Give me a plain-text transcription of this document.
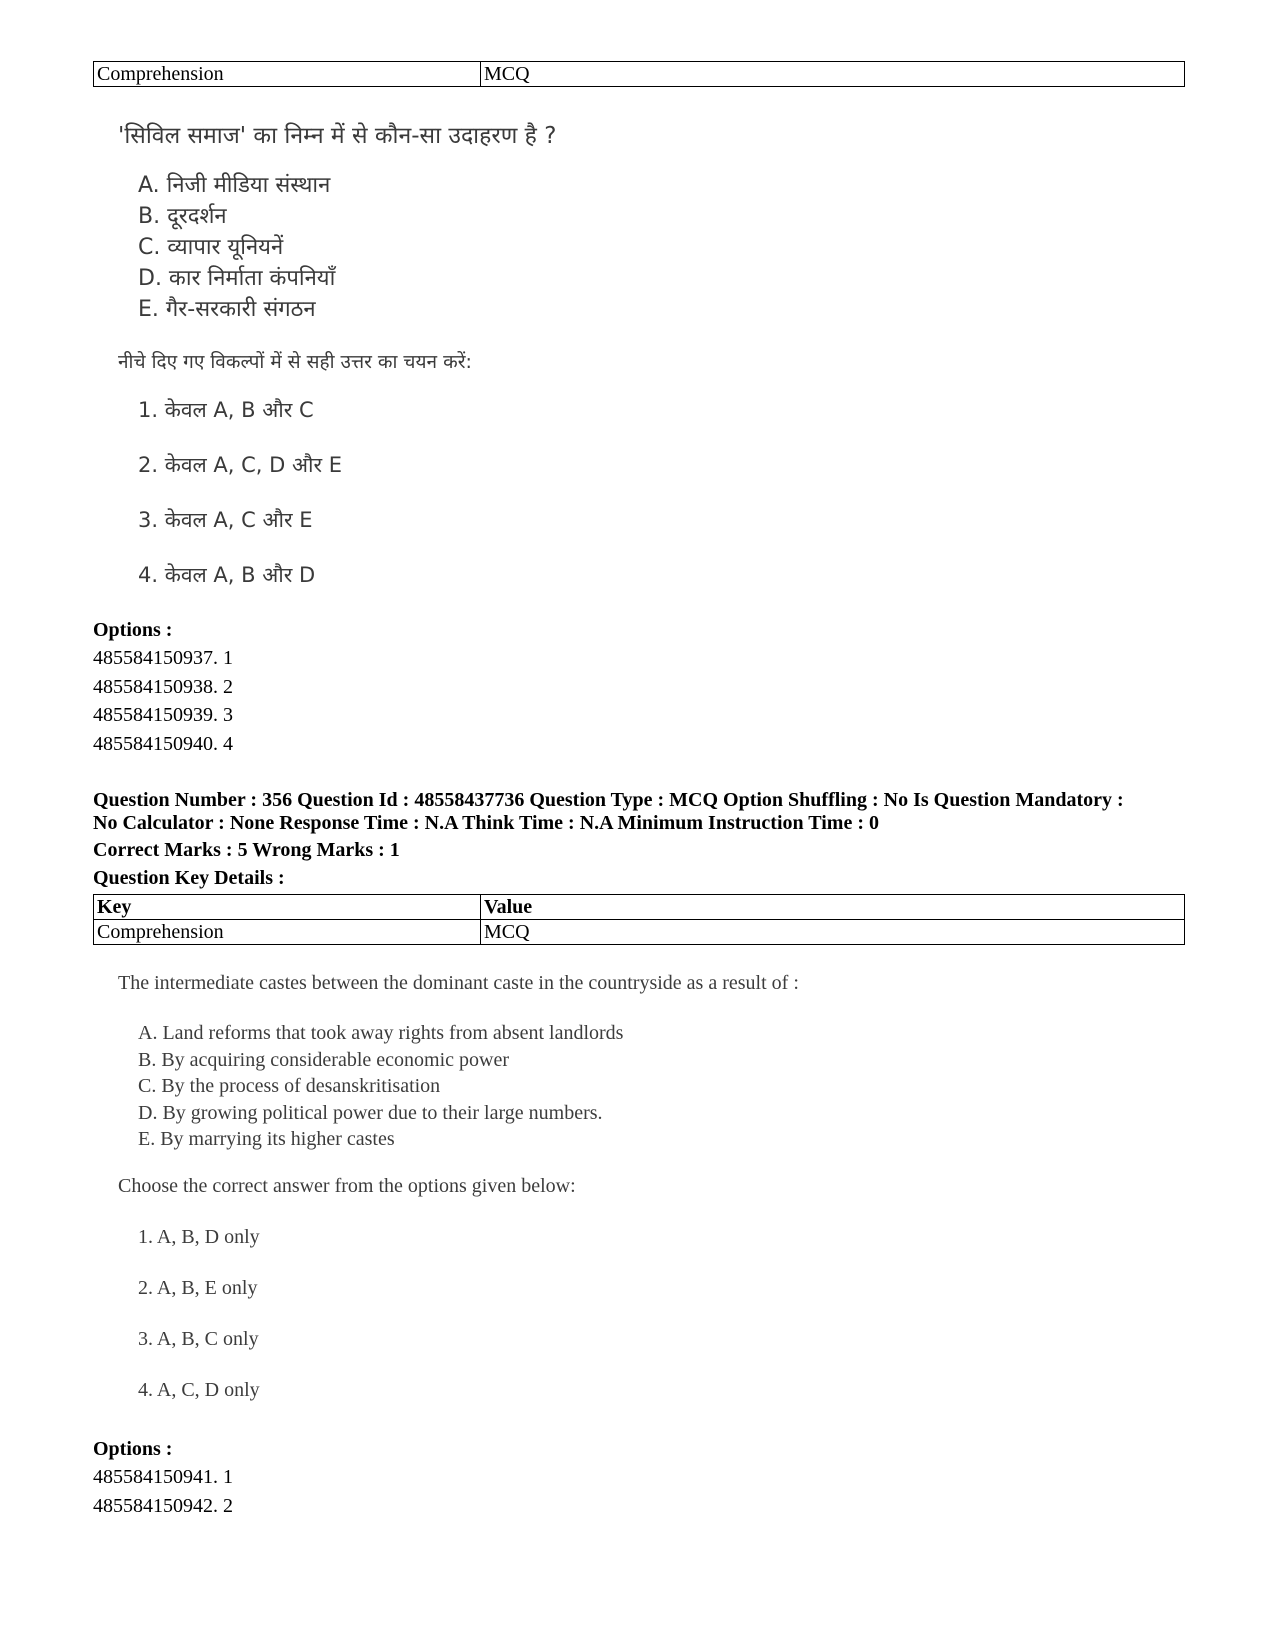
Comprehension	MCQ
'सिविल समाज' का निम्न में से कौन-सा उदाहरण है ?
A. निजी मीडिया संस्थान
B. दूरदर्शन
C. व्यापार यूनियनें
D. कार निर्माता कंपनियाँ
E. गैर-सरकारी संगठन
नीचे दिए गए विकल्पों में से सही उत्तर का चयन करें:
1. केवल A, B और C
2. केवल A, C, D और E
3. केवल A, C और E
4. केवल A, B और D
Options :
485584150937. 1
485584150938. 2
485584150939. 3
485584150940. 4
Question Number : 356 Question Id : 48558437736 Question Type : MCQ Option Shuffling : No Is Question Mandatory :
No Calculator : None Response Time : N.A Think Time : N.A Minimum Instruction Time : 0
Correct Marks : 5 Wrong Marks : 1
Question Key Details :
Key	Value
Comprehension	MCQ
The intermediate castes between the dominant caste in the countryside as a result of :
A. Land reforms that took away rights from absent landlords
B. By acquiring considerable economic power
C. By the process of desanskritisation
D. By growing political power due to their large numbers.
E. By marrying its higher castes
Choose the correct answer from the options given below:
1. A, B, D only
2. A, B, E only
3. A, B, C only
4. A, C, D only
Options :
485584150941. 1
485584150942. 2
